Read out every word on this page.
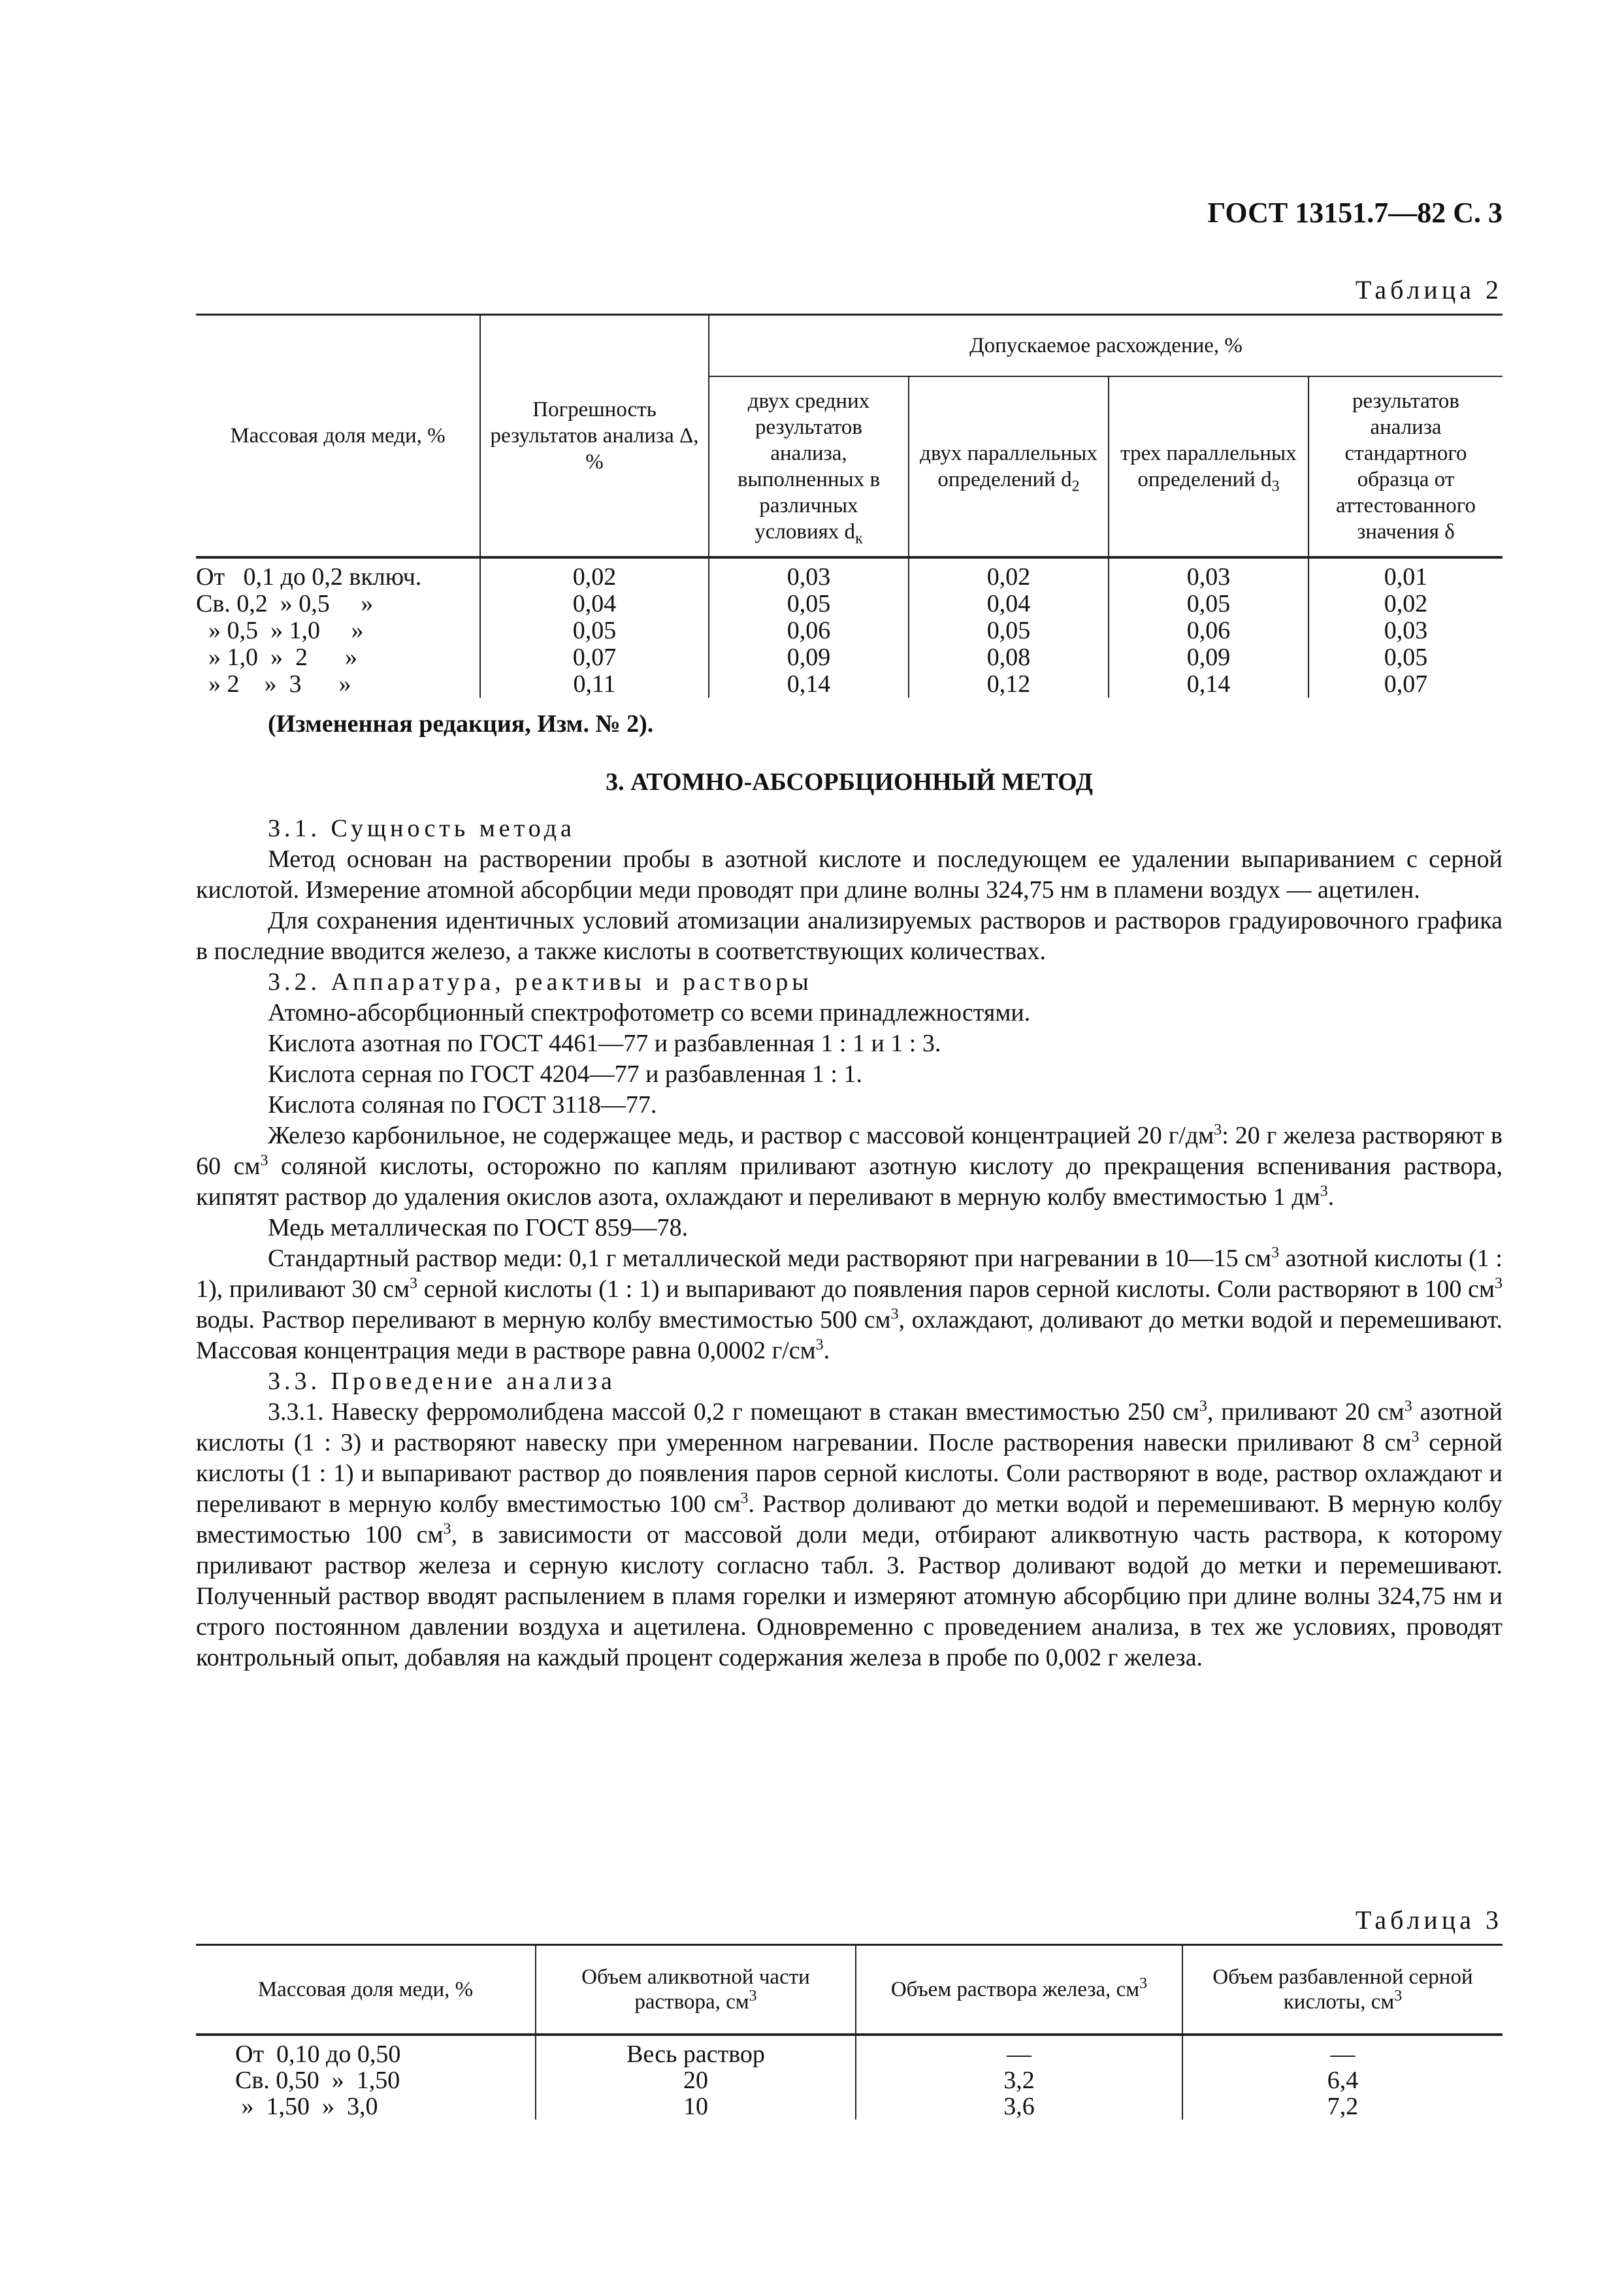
ГОСТ 13151.7—82 С. 3
Таблица 2
Массовая доля меди, %	Погрешность результатов анализа Δ, %	Допускаемое расхождение, %			
		двух средних результатов анализа, выполненных в различных условиях $d_к$	двух параллельных определений $d_2$	трех параллельных определений $d_3$	результатов анализа стандартного образца от аттестованного значения δ
От   0,1 до 0,2 включ.	0,02	0,03	0,02	0,03	0,01
Св. 0,2  » 0,5     »	0,04	0,05	0,04	0,05	0,02
» 0,5  » 1,0     »	0,05	0,06	0,05	0,06	0,03
» 1,0  »  2      »	0,07	0,09	0,08	0,09	0,05
» 2    »  3      »	0,11	0,14	0,12	0,14	0,07

(Измененная редакция, Изм. № 2).

3. АТОМНО-АБСОРБЦИОННЫЙ МЕТОД

3.1. Сущность метода

Метод основан на растворении пробы в азотной кислоте и последующем ее удалении выпариванием с серной кислотой. Измерение атомной абсорбции меди проводят при длине волны 324,75 нм в пламени воздух — ацетилен.

Для сохранения идентичных условий атомизации анализируемых растворов и растворов градуировочного графика в последние вводится железо, а также кислоты в соответствующих количествах.

3.2. Аппаратура, реактивы и растворы

Атомно-абсорбционный спектрофотометр со всеми принадлежностями.

Кислота азотная по ГОСТ 4461—77 и разбавленная 1 : 1 и 1 : 3.

Кислота серная по ГОСТ 4204—77 и разбавленная 1 : 1.

Кислота соляная по ГОСТ 3118—77.

Железо карбонильное, не содержащее медь, и раствор с массовой концентрацией 20 $г/дм^3$: 20 г железа растворяют в 60 $см^3$ соляной кислоты, осторожно по каплям приливают азотную кислоту до прекращения вспенивания раствора, кипятят раствор до удаления окислов азота, охлаждают и переливают в мерную колбу вместимостью 1 $дм^3$.

Медь металлическая по ГОСТ 859—78.

Стандартный раствор меди: 0,1 г металлической меди растворяют при нагревании в 10—15 $см^3$ азотной кислоты (1 : 1), приливают 30 $см^3$ серной кислоты (1 : 1) и выпаривают до появления паров серной кислоты. Соли растворяют в 100 $см^3$ воды. Раствор переливают в мерную колбу вместимостью 500 $см^3$, охлаждают, доливают до метки водой и перемешивают. Массовая концентрация меди в растворе равна 0,0002 $г/см^3$.

3.3. Проведение анализа

3.3.1. Навеску ферромолибдена массой 0,2 г помещают в стакан вместимостью 250 $см^3$, приливают 20 $см^3$ азотной кислоты (1 : 3) и растворяют навеску при умеренном нагревании. После растворения навески приливают 8 $см^3$ серной кислоты (1 : 1) и выпаривают раствор до появления паров серной кислоты. Соли растворяют в воде, раствор охлаждают и переливают в мерную колбу вместимостью 100 $см^3$. Раствор доливают до метки водой и перемешивают. В мерную колбу вместимостью 100 $см^3$, в зависимости от массовой доли меди, отбирают аликвотную часть раствора, к которому приливают раствор железа и серную кислоту согласно табл. 3. Раствор доливают водой до метки и перемешивают. Полученный раствор вводят распылением в пламя горелки и измеряют атомную абсорбцию при длине волны 324,75 нм и строго постоянном давлении воздуха и ацетилена. Одновременно с проведением анализа, в тех же условиях, проводят контрольный опыт, добавляя на каждый процент содержания железа в пробе по 0,002 г железа.

Таблица 3
Массовая доля меди, %	Объем аликвотной части раствора, $см^3$	Объем раствора железа, $см^3$	Объем разбавленной серной кислоты, $см^3$
От  0,10 до 0,50	Весь раствор	—	—
Св. 0,50  »  1,50	20	3,2	6,4
»  1,50  »  3,0	10	3,6	7,2
